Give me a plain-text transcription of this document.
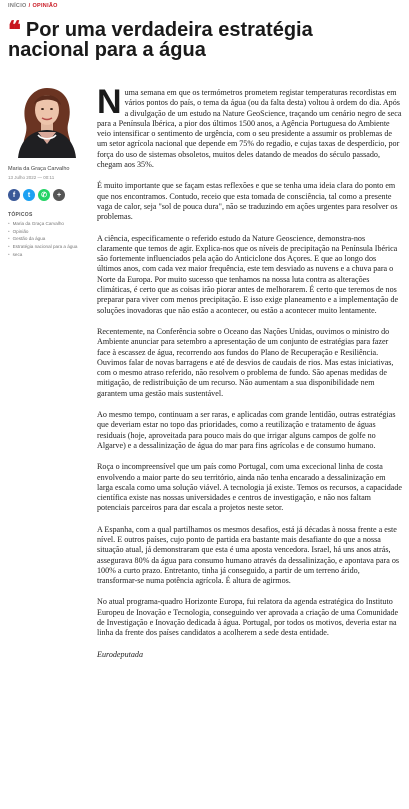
INÍCIO / OPINIÃO
❝ Por uma verdadeira estratégia nacional para a água
Maria da Graça Carvalho
13 Julho 2022 — 00:11
f t ✆ +
TÓPICOS
• Maria da Graça Carvalho
• Opinião
• Gestão da água
• Estratégia nacional para a água
• seca

Numa semana em que os termómetros prometem registar temperaturas recordistas em vários pontos do país, o tema da água (ou da falta desta) voltou à ordem do dia. Após a divulgação de um estudo na Nature GeoScience, traçando um cenário negro de seca para a Península Ibérica, a pior dos últimos 1500 anos, a Agência Portuguesa do Ambiente veio intensificar o sentimento de urgência, com o seu presidente a assumir os problemas de um setor agrícola nacional que depende em 75% do regadio, e cujas taxas de desperdício, por força do uso de sistemas obsoletos, muitos deles datando de meados do século passado, chegam aos 35%.

É muito importante que se façam estas reflexões e que se tenha uma ideia clara do ponto em que nos encontramos. Contudo, receio que esta tomada de consciência, tal como a presente vaga de calor, seja "sol de pouca dura", não se traduzindo em ações urgentes para resolver os problemas.

A ciência, especificamente o referido estudo da Nature Geoscience, demonstra-nos claramente que temos de agir. Explica-nos que os níveis de precipitação na Península Ibérica são fortemente influenciados pela ação do Anticiclone dos Açores. E que ao longo dos últimos anos, com cada vez maior frequência, este tem desviado as nuvens e a chuva para o Norte da Europa. Por muito sucesso que tenhamos na nossa luta contra as alterações climáticas, é certo que as coisas irão piorar antes de melhorarem. É certo que teremos de nos preparar para viver com menos precipitação. E isso exige planeamento e a implementação de soluções inovadoras que não estão a acontecer, ou estão a acontecer muito lentamente.

Recentemente, na Conferência sobre o Oceano das Nações Unidas, ouvimos o ministro do Ambiente anunciar para setembro a apresentação de um conjunto de estratégias para fazer face à escassez de água, recorrendo aos fundos do Plano de Recuperação e Resiliência. Ouvimos falar de novas barragens e até de desvios de caudais de rios. Mas estas iniciativas, com o mesmo atraso referido, não resolvem o problema de fundo. São apenas medidas de mitigação, de redistribuição de um recurso. Não aumentam a sua disponibilidade nem garantem uma gestão mais sustentável.

Ao mesmo tempo, continuam a ser raras, e aplicadas com grande lentidão, outras estratégias que deveriam estar no topo das prioridades, como a reutilização e tratamento de águas residuais (hoje, aproveitada para pouco mais do que irrigar alguns campos de golfe no Algarve) e a dessalinização de água do mar para fins agrícolas e de consumo humano.

Roça o incompreensível que um país como Portugal, com uma excecional linha de costa envolvendo a maior parte do seu território, ainda não tenha encarado a dessalinização em larga escala como uma solução viável. A tecnologia já existe. Temos os recursos, a capacidade científica existe nas nossas universidades e centros de investigação, e não nos faltam potenciais parceiros para dar escala a projetos neste setor.

A Espanha, com a qual partilhamos os mesmos desafios, está já décadas à nossa frente a este nível. E outros países, cujo ponto de partida era bastante mais desafiante do que a nossa situação atual, já demonstraram que esta é uma aposta vencedora. Israel, há uns anos atrás, assegurava 80% da água para consumo humano através da dessalinização, e apontava para os 100% a curto prazo. Entretanto, tinha já conseguido, a partir de um terreno árido, transformar-se numa potência agrícola. É altura de agirmos.

No atual programa-quadro Horizonte Europa, fui relatora da agenda estratégica do Instituto Europeu de Inovação e Tecnologia, conseguindo ver aprovada a criação de uma Comunidade de Investigação e Inovação dedicada à água. Portugal, por todos os motivos, deveria estar na linha da frente dos países candidatos a acolherem a sede desta entidade.

Eurodeputada
